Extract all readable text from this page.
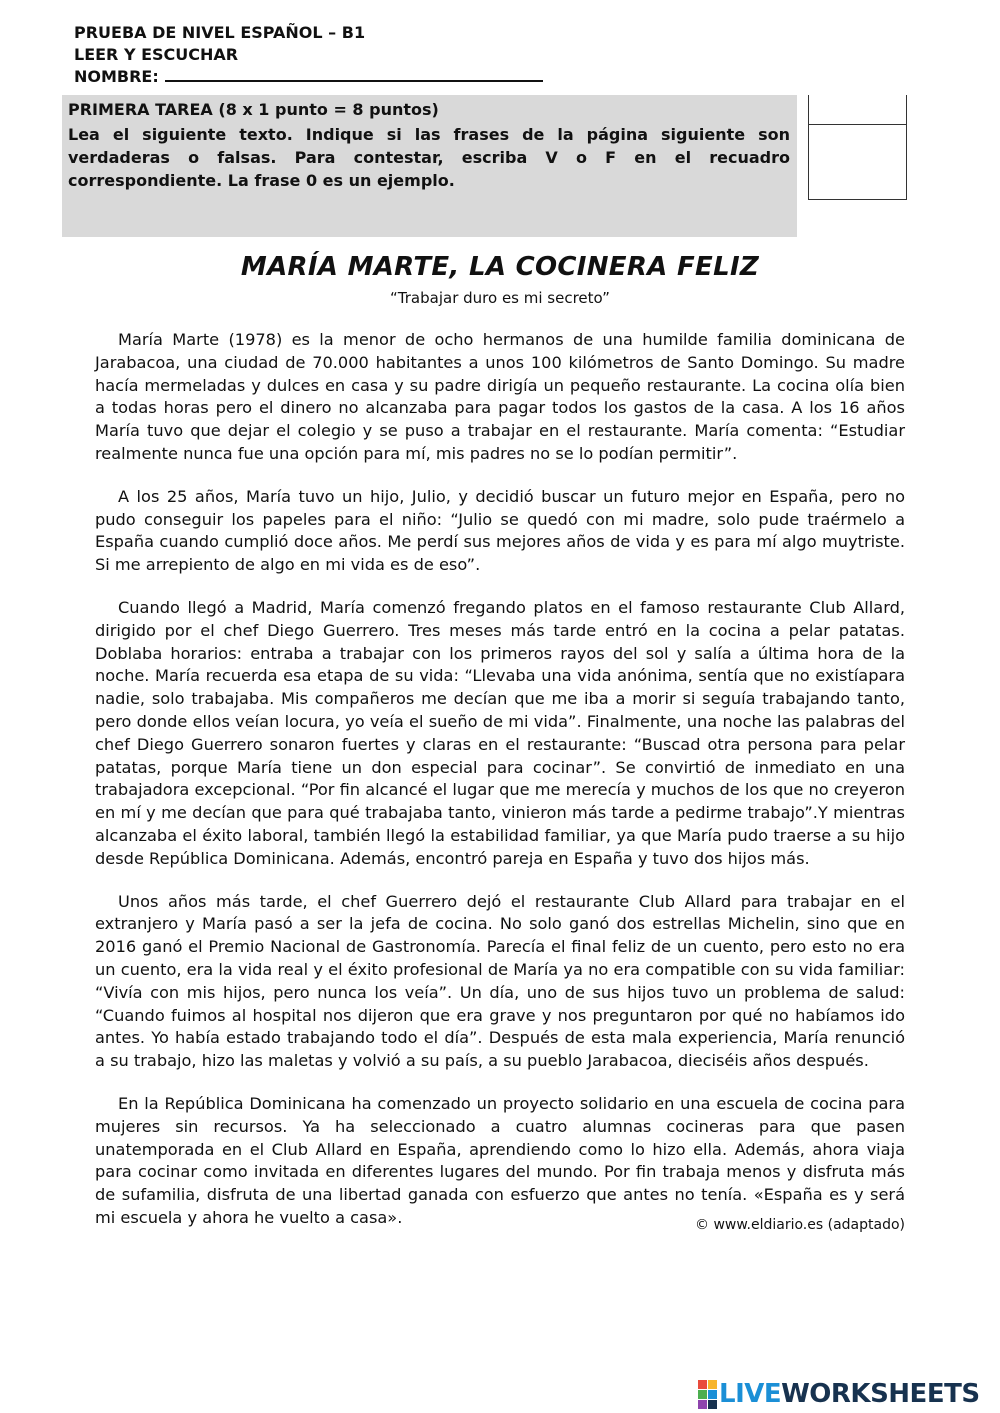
PRUEBA DE NIVEL ESPAÑOL – B1
LEER Y ESCUCHAR
NOMBRE:
PRIMERA TAREA (8 x 1 punto = 8 puntos)
Lea el siguiente texto. Indique si las frases de la página siguiente son verdaderas o falsas. Para contestar, escriba V o F en el recuadro correspondiente. La frase 0 es un ejemplo.
MARÍA MARTE, LA COCINERA FELIZ
“Trabajar duro es mi secreto”

María Marte (1978) es la menor de ocho hermanos de una humilde familia dominicana de Jarabacoa, una ciudad de 70.000 habitantes a unos 100 kilómetros de Santo Domingo. Su madre hacía mermeladas y dulces en casa y su padre dirigía un pequeño restaurante. La cocina olía bien a todas horas pero el dinero no alcanzaba para pagar todos los gastos de la casa. A los 16 años María tuvo que dejar el colegio y se puso a trabajar en el restaurante. María comenta: “Estudiar realmente nunca fue una opción para mí, mis padres no se lo podían permitir”.

A los 25 años, María tuvo un hijo, Julio, y decidió buscar un futuro mejor en España, pero no pudo conseguir los papeles para el niño: “Julio se quedó con mi madre, solo pude traérmelo a España cuando cumplió doce años. Me perdí sus mejores años de vida y es para mí algo muytriste. Si me arrepiento de algo en mi vida es de eso”.

Cuando llegó a Madrid, María comenzó fregando platos en el famoso restaurante Club Allard, dirigido por el chef Diego Guerrero. Tres meses más tarde entró en la cocina a pelar patatas. Doblaba horarios: entraba a trabajar con los primeros rayos del sol y salía a última hora de la noche. María recuerda esa etapa de su vida: “Llevaba una vida anónima, sentía que no existíapara nadie, solo trabajaba. Mis compañeros me decían que me iba a morir si seguía trabajando tanto, pero donde ellos veían locura, yo veía el sueño de mi vida”. Finalmente, una noche las palabras del chef Diego Guerrero sonaron fuertes y claras en el restaurante: “Buscad otra persona para pelar patatas, porque María tiene un don especial para cocinar”. Se convirtió de inmediato en una trabajadora excepcional. “Por fin alcancé el lugar que me merecía y muchos de los que no creyeron en mí y me decían que para qué trabajaba tanto, vinieron más tarde a pedirme trabajo”.Y mientras alcanzaba el éxito laboral, también llegó la estabilidad familiar, ya que María pudo traerse a su hijo desde República Dominicana. Además, encontró pareja en España y tuvo dos hijos más.

Unos años más tarde, el chef Guerrero dejó el restaurante Club Allard para trabajar en el extranjero y María pasó a ser la jefa de cocina. No solo ganó dos estrellas Michelin, sino que en 2016 ganó el Premio Nacional de Gastronomía. Parecía el final feliz de un cuento, pero esto no era un cuento, era la vida real y el éxito profesional de María ya no era compatible con su vida familiar: “Vivía con mis hijos, pero nunca los veía”. Un día, uno de sus hijos tuvo un problema de salud: “Cuando fuimos al hospital nos dijeron que era grave y nos preguntaron por qué no habíamos ido antes. Yo había estado trabajando todo el día”. Después de esta mala experiencia, María renunció a su trabajo, hizo las maletas y volvió a su país, a su pueblo Jarabacoa, dieciséis años después.

En la República Dominicana ha comenzado un proyecto solidario en una escuela de cocina para mujeres sin recursos. Ya ha seleccionado a cuatro alumnas cocineras para que pasen unatemporada en el Club Allard en España, aprendiendo como lo hizo ella. Además, ahora viaja para cocinar como invitada en diferentes lugares del mundo. Por fin trabaja menos y disfruta más de sufamilia, disfruta de una libertad ganada con esfuerzo que antes no tenía. «España es y será mi escuela y ahora he vuelto a casa».	© www.eldiario.es (adaptado)
LIVEWORKSHEETS
